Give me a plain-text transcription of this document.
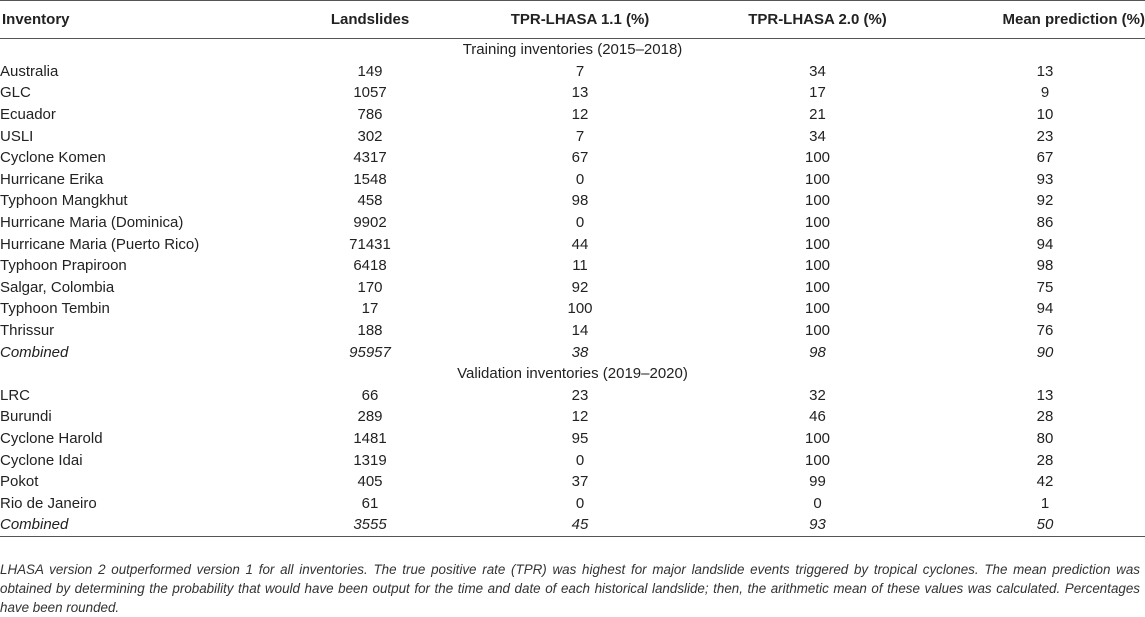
Inventory	Landslides	TPR-LHASA 1.1 (%)	TPR-LHASA 2.0 (%)	Mean prediction (%)
Training inventories (2015–2018)				
Australia	149	7	34	13
GLC	1057	13	17	9
Ecuador	786	12	21	10
USLI	302	7	34	23
Cyclone Komen	4317	67	100	67
Hurricane Erika	1548	0	100	93
Typhoon Mangkhut	458	98	100	92
Hurricane Maria (Dominica)	9902	0	100	86
Hurricane Maria (Puerto Rico)	71431	44	100	94
Typhoon Prapiroon	6418	11	100	98
Salgar, Colombia	170	92	100	75
Typhoon Tembin	17	100	100	94
Thrissur	188	14	100	76
Combined	95957	38	98	90
Validation inventories (2019–2020)				
LRC	66	23	32	13
Burundi	289	12	46	28
Cyclone Harold	1481	95	100	80
Cyclone Idai	1319	0	100	28
Pokot	405	37	99	42
Rio de Janeiro	61	0	0	1
Combined	3555	45	93	50
LHASA version 2 outperformed version 1 for all inventories. The true positive rate (TPR) was highest for major landslide events triggered by tropical cyclones. The mean prediction was obtained by determining the probability that would have been output for the time and date of each historical landslide; then, the arithmetic mean of these values was calculated. Percentages have been rounded.
